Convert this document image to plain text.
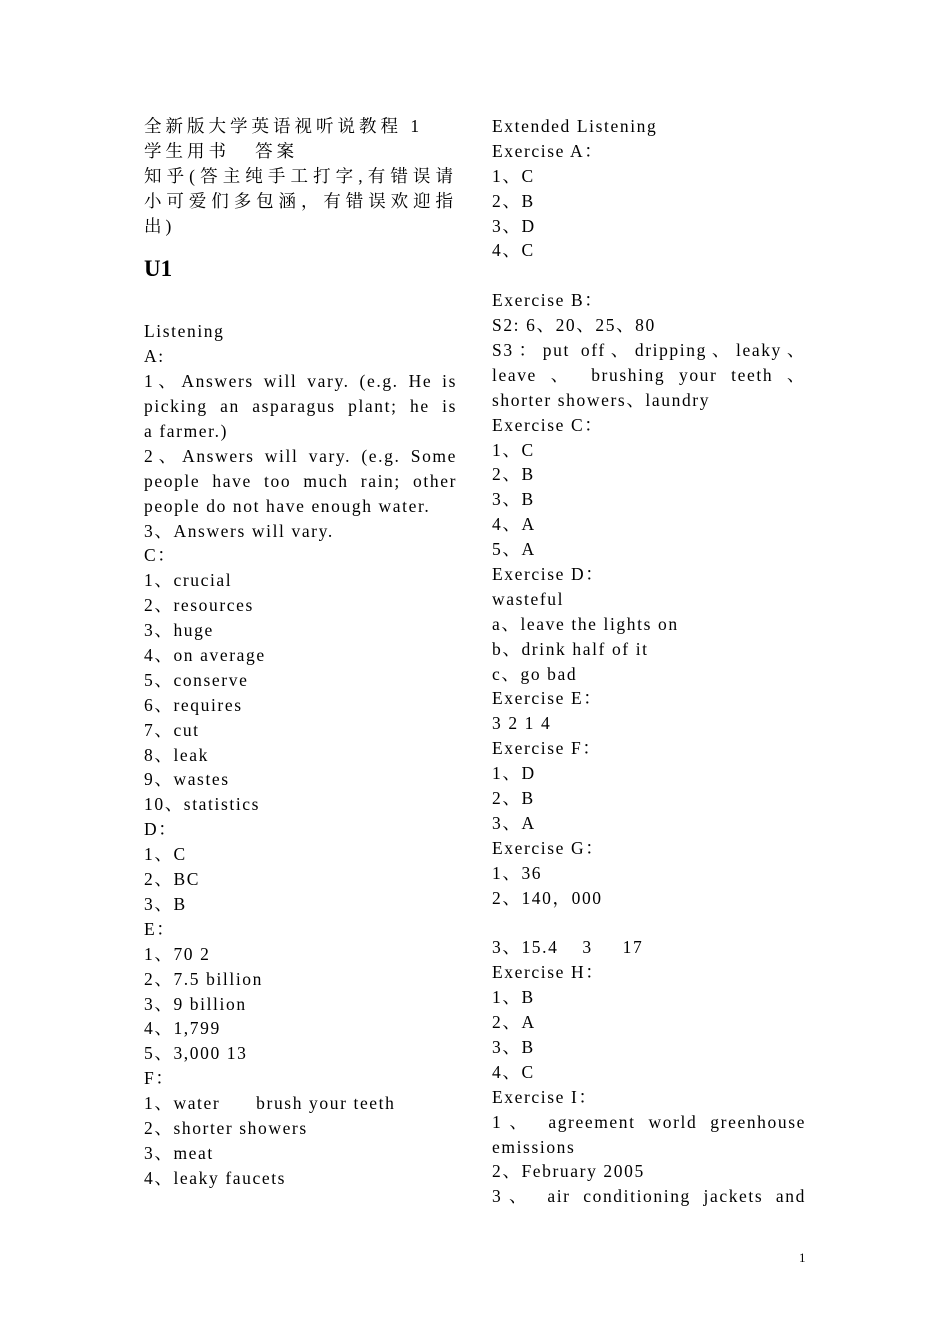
全新版大学英语视听说教程 1
学生用书   答案
知乎(答主纯手工打字,有错误请
小可爱们多包涵，有错误欢迎指
出)
U1
Listening
A:
1、Answers will vary. (e.g. He is
picking an asparagus plant; he is
a farmer.)
2、Answers will vary. (e.g. Some
people have too much rain; other
people do not have enough water.
3、Answers will vary.
C：
1、crucial
2、resources
3、huge
4、on average
5、conserve
6、requires
7、cut
8、leak
9、wastes
10、statistics
D：
1、C
2、BC
3、B
E：
1、70 2
2、7.5 billion
3、9 billion
4、1,799
5、3,000 13
F：
1、water      brush your teeth
2、shorter showers
3、meat
4、leaky faucets
Extended Listening
Exercise A：
1、C
2、B
3、D
4、C
Exercise B：
S2: 6、20、25、80
S3：put off、dripping、leaky、
leave 、 brushing your teeth 、
shorter showers、laundry
Exercise C：
1、C
2、B
3、B
4、A
5、A
Exercise D：
wasteful
a、leave the lights on
b、drink half of it
c、go bad
Exercise E：
3 2 1 4
Exercise F：
1、D
2、B
3、A
Exercise G：
1、36
2、140，000
3、15.4    3     17
Exercise H：
1、B
2、A
3、B
4、C
Exercise I：
1、 agreement world greenhouse
emissions
2、February 2005
3、 air conditioning jackets and
1
